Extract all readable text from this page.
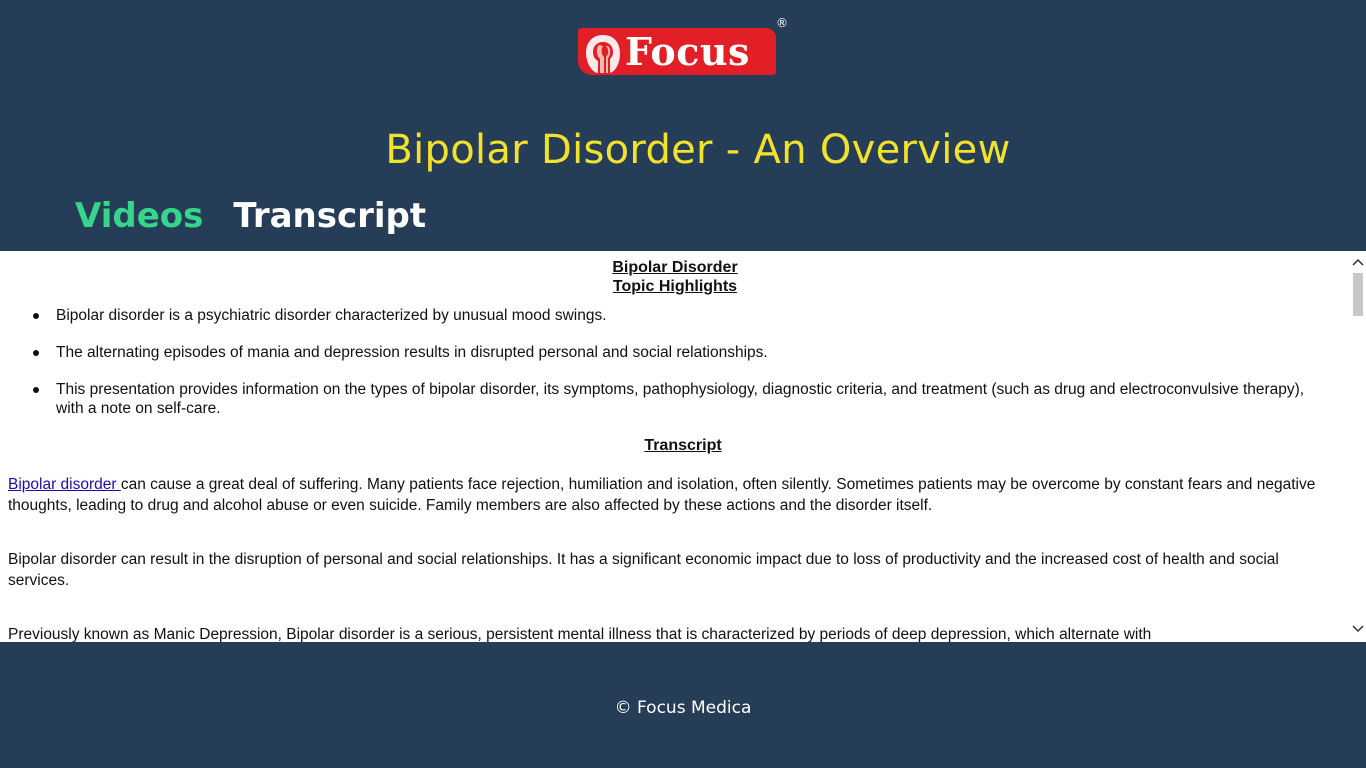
Focus
®
Bipolar Disorder - An Overview
Videos Transcript

Bipolar Disorder

Topic Highlights

Bipolar disorder is a psychiatric disorder characterized by unusual mood swings.
The alternating episodes of mania and depression results in disrupted personal and social relationships.
This presentation provides information on the types of bipolar disorder, its symptoms, pathophysiology, diagnostic criteria, and treatment (such as drug and electroconvulsive therapy), with a note on self-care.

Transcript

Bipolar disorder can cause a great deal of suffering. Many patients face rejection, humiliation and isolation, often silently. Sometimes patients may be overcome by constant fears and negative thoughts, leading to drug and alcohol abuse or even suicide. Family members are also affected by these actions and the disorder itself.

Bipolar disorder can result in the disruption of personal and social relationships. It has a significant economic impact due to loss of productivity and the increased cost of health and social services.

Previously known as Manic Depression, Bipolar disorder is a serious, persistent mental illness that is characterized by periods of deep depression, which alternate with

© Focus Medica
